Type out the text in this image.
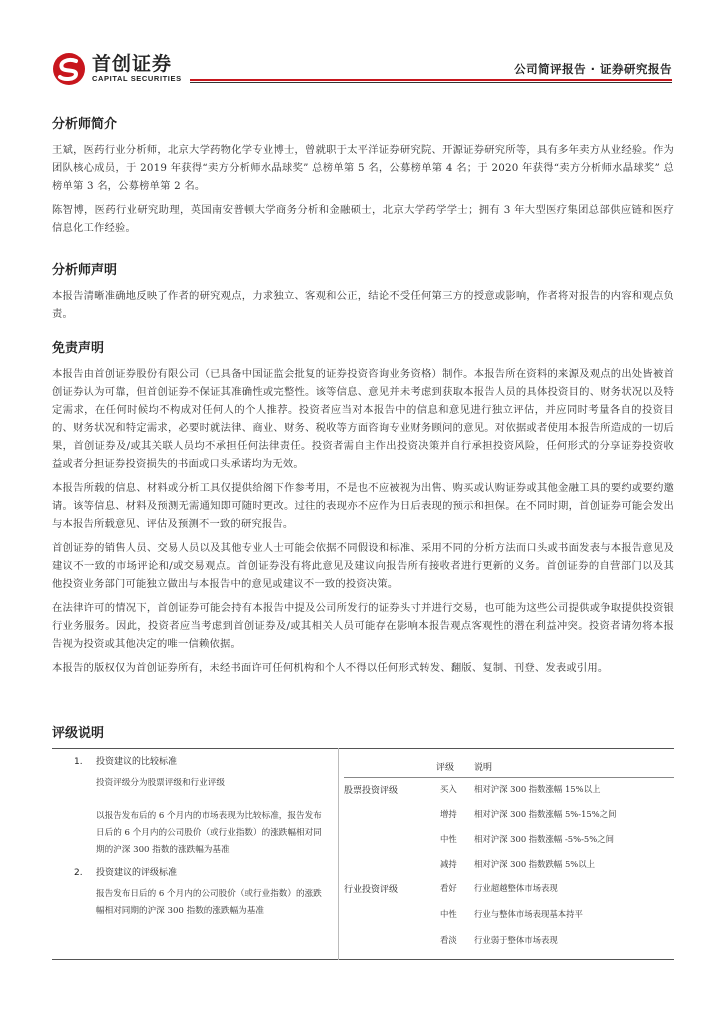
首创证券
CAPITAL SECURITIES
公司简评报告 · 证券研究报告
分析师简介

王斌，医药行业分析师，北京大学药物化学专业博士，曾就职于太平洋证券研究院、开源证券研究所等，具有多年卖方从业经验。作为团队核心成员，于 2019 年获得“卖方分析师水晶球奖” 总榜单第 5 名，公募榜单第 4 名；于 2020 年获得“卖方分析师水晶球奖” 总榜单第 3 名，公募榜单第 2 名。

陈智博，医药行业研究助理，英国南安普顿大学商务分析和金融硕士，北京大学药学学士；拥有 3 年大型医疗集团总部供应链和医疗信息化工作经验。

分析师声明

本报告清晰准确地反映了作者的研究观点，力求独立、客观和公正，结论不受任何第三方的授意或影响，作者将对报告的内容和观点负责。

免责声明

本报告由首创证券股份有限公司（已具备中国证监会批复的证券投资咨询业务资格）制作。本报告所在资料的来源及观点的出处皆被首创证券认为可靠，但首创证券不保证其准确性或完整性。该等信息、意见并未考虑到获取本报告人员的具体投资目的、财务状况以及特定需求，在任何时候均不构成对任何人的个人推荐。投资者应当对本报告中的信息和意见进行独立评估，并应同时考量各自的投资目的、财务状况和特定需求，必要时就法律、商业、财务、税收等方面咨询专业财务顾问的意见。对依据或者使用本报告所造成的一切后果，首创证券及/或其关联人员均不承担任何法律责任。投资者需自主作出投资决策并自行承担投资风险，任何形式的分享证券投资收益或者分担证券投资损失的书面或口头承诺均为无效。

本报告所载的信息、材料或分析工具仅提供给阁下作参考用，不是也不应被视为出售、购买或认购证券或其他金融工具的要约或要约邀请。该等信息、材料及预测无需通知即可随时更改。过往的表现亦不应作为日后表现的预示和担保。在不同时期，首创证券可能会发出与本报告所载意见、评估及预测不一致的研究报告。

首创证券的销售人员、交易人员以及其他专业人士可能会依据不同假设和标准、采用不同的分析方法而口头或书面发表与本报告意见及建议不一致的市场评论和/或交易观点。首创证券没有将此意见及建议向报告所有接收者进行更新的义务。首创证券的自营部门以及其他投资业务部门可能独立做出与本报告中的意见或建议不一致的投资决策。

在法律许可的情况下，首创证券可能会持有本报告中提及公司所发行的证券头寸并进行交易，也可能为这些公司提供或争取提供投资银行业务服务。因此，投资者应当考虑到首创证券及/或其相关人员可能存在影响本报告观点客观性的潜在利益冲突。投资者请勿将本报告视为投资或其他决定的唯一信赖依据。

本报告的版权仅为首创证券所有，未经书面许可任何机构和个人不得以任何形式转发、翻版、复制、刊登、发表或引用。

评级说明
1.	投资建议的比较标准
投资评级分为股票评级和行业评级
以报告发布后的 6 个月内的市场表现为比较标准，报告发布日后的 6 个月内的公司股价（或行业指数）的涨跌幅相对同期的沪深 300 指数的涨跌幅为基准
2.	投资建议的评级标准
报告发布日后的 6 个月内的公司股价（或行业指数）的涨跌幅相对同期的沪深 300 指数的涨跌幅为基准
评级 说明
股票投资评级	买入 相对沪深 300 指数涨幅 15%以上
增持 相对沪深 300 指数涨幅 5%-15%之间
中性 相对沪深 300 指数涨幅 -5%-5%之间
减持 相对沪深 300 指数跌幅 5%以上
行业投资评级	看好 行业超越整体市场表现
中性 行业与整体市场表现基本持平
看淡 行业弱于整体市场表现
